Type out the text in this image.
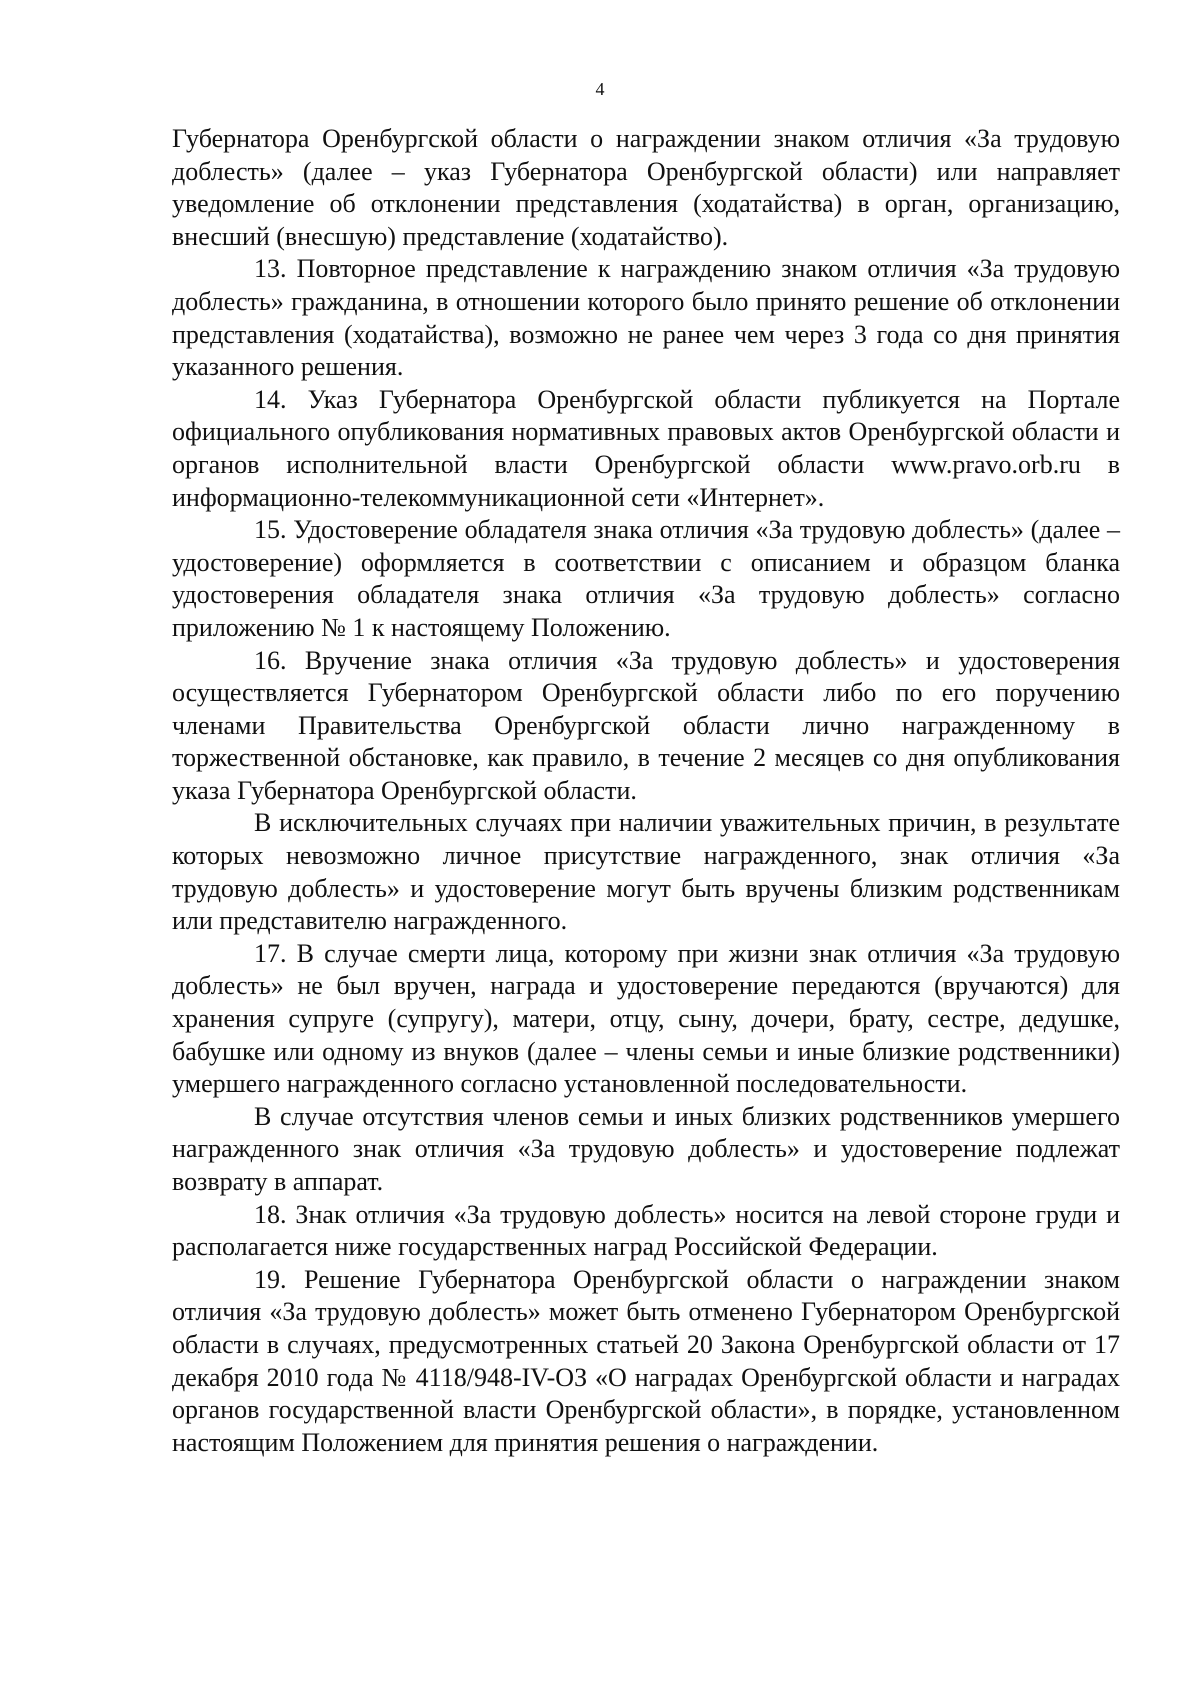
4

Губернатора Оренбургской области о награждении знаком отличия «За трудовую доблесть» (далее – указ Губернатора Оренбургской области) или направляет уведомление об отклонении представления (ходатайства) в орган, организацию, внесший (внесшую) представление (ходатайство).

13. Повторное представление к награждению знаком отличия «За трудовую доблесть» гражданина, в отношении которого было принято решение об отклонении представления (ходатайства), возможно не ранее чем через 3 года со дня принятия указанного решения.

14. Указ Губернатора Оренбургской области публикуется на Портале официального опубликования нормативных правовых актов Оренбургской области и органов исполнительной власти Оренбургской области www.pravo.orb.ru в информационно-телекоммуникационной сети «Интернет».

15. Удостоверение обладателя знака отличия «За трудовую доблесть» (далее – удостоверение) оформляется в соответствии с описанием и образцом бланка удостоверения обладателя знака отличия «За трудовую доблесть» согласно приложению № 1 к настоящему Положению.

16. Вручение знака отличия «За трудовую доблесть» и удостоверения осуществляется Губернатором Оренбургской области либо по его поручению членами Правительства Оренбургской области лично награжденному в торжественной обстановке, как правило, в течение 2 месяцев со дня опубликования указа Губернатора Оренбургской области.

В исключительных случаях при наличии уважительных причин, в результате которых невозможно личное присутствие награжденного, знак отличия «За трудовую доблесть» и удостоверение могут быть вручены близким родственникам или представителю награжденного.

17. В случае смерти лица, которому при жизни знак отличия «За трудовую доблесть» не был вручен, награда и удостоверение передаются (вручаются) для хранения супруге (супругу), матери, отцу, сыну, дочери, брату, сестре, дедушке, бабушке или одному из внуков (далее – члены семьи и иные близкие родственники) умершего награжденного согласно установленной последовательности.

В случае отсутствия членов семьи и иных близких родственников умершего награжденного знак отличия «За трудовую доблесть» и удостоверение подлежат возврату в аппарат.

18. Знак отличия «За трудовую доблесть» носится на левой стороне груди и располагается ниже государственных наград Российской Федерации.

19. Решение Губернатора Оренбургской области о награждении знаком отличия «За трудовую доблесть» может быть отменено Губернатором Оренбургской области в случаях, предусмотренных статьей 20 Закона Оренбургской области от 17 декабря 2010 года № 4118/948-IV-ОЗ «О наградах Оренбургской области и наградах органов государственной власти Оренбургской области», в порядке, установленном настоящим Положением для принятия решения о награждении.
